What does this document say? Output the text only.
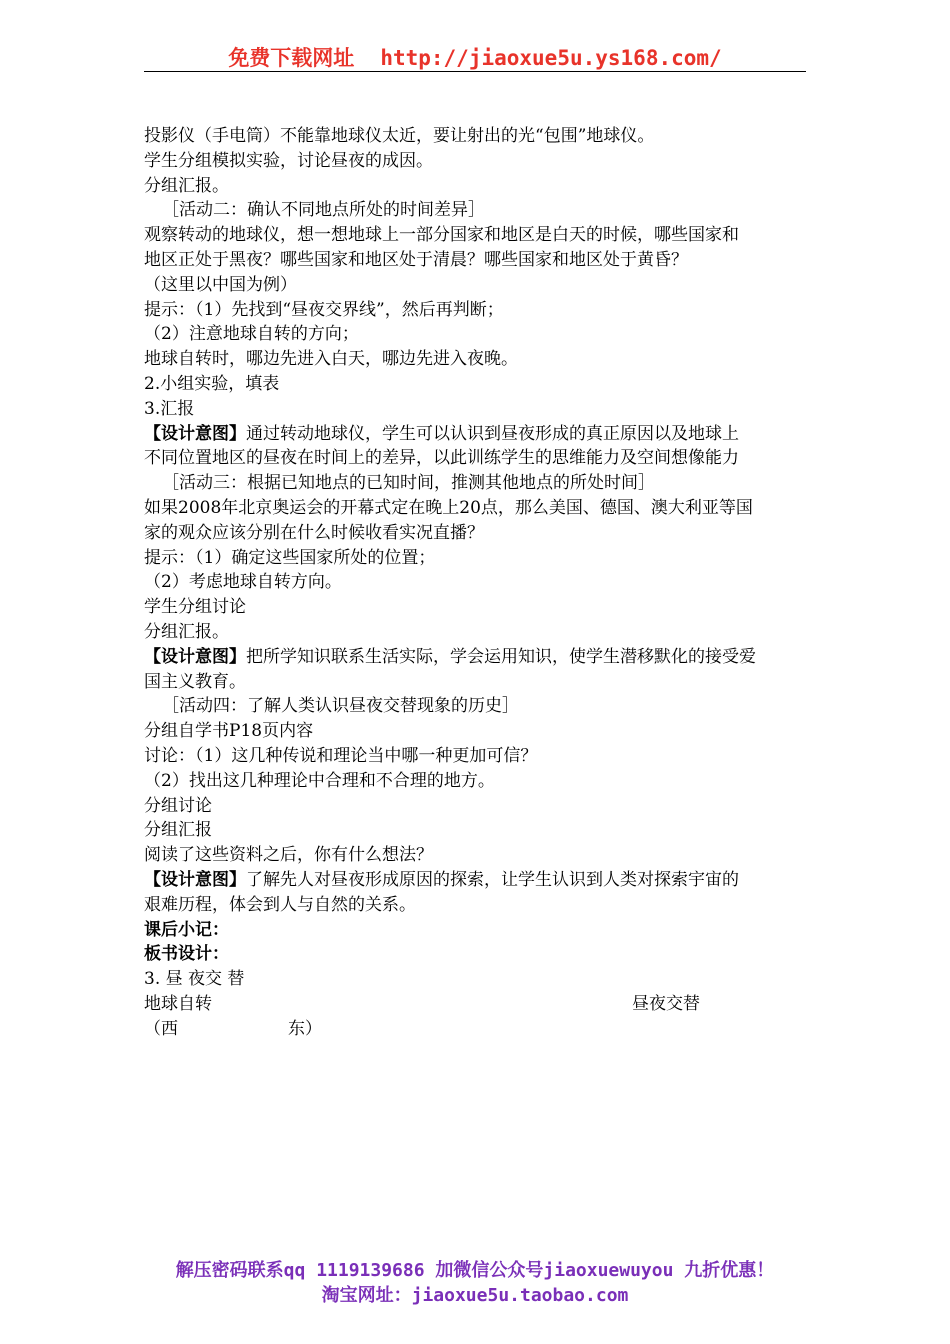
免费下载网址 http://jiaoxue5u.ys168.com/
投影仪（手电筒）不能靠地球仪太近，要让射出的光“包围”地球仪。
学生分组模拟实验，讨论昼夜的成因。
分组汇报。
［活动二：确认不同地点所处的时间差异］
观察转动的地球仪，想一想地球上一部分国家和地区是白天的时候，哪些国家和
地区正处于黑夜？哪些国家和地区处于清晨？哪些国家和地区处于黄昏？
（这里以中国为例）
提示：（1）先找到“昼夜交界线”，然后再判断；
（2）注意地球自转的方向；
地球自转时，哪边先进入白天，哪边先进入夜晚。
2.小组实验，填表
3.汇报
【设计意图】通过转动地球仪，学生可以认识到昼夜形成的真正原因以及地球上
不同位置地区的昼夜在时间上的差异，以此训练学生的思维能力及空间想像能力
［活动三：根据已知地点的已知时间，推测其他地点的所处时间］
如果2008年北京奥运会的开幕式定在晚上20点，那么美国、德国、澳大利亚等国
家的观众应该分别在什么时候收看实况直播？
提示：（1）确定这些国家所处的位置；
（2）考虑地球自转方向。
学生分组讨论
分组汇报。
【设计意图】把所学知识联系生活实际，学会运用知识，使学生潜移默化的接受爱
国主义教育。
［活动四：了解人类认识昼夜交替现象的历史］
分组自学书P18页内容
讨论：（1）这几种传说和理论当中哪一种更加可信？
（2）找出这几种理论中合理和不合理的地方。
分组讨论
分组汇报
阅读了这些资料之后，你有什么想法？
【设计意图】了解先人对昼夜形成原因的探索，让学生认识到人类对探索宇宙的
艰难历程，体会到人与自然的关系。
课后小记：
板书设计：
3. 昼 夜交 替
地球自转	昼夜交替
（西	东）
解压密码联系qq 1119139686 加微信公众号jiaoxuewuyou 九折优惠！
淘宝网址：jiaoxue5u.taobao.com
